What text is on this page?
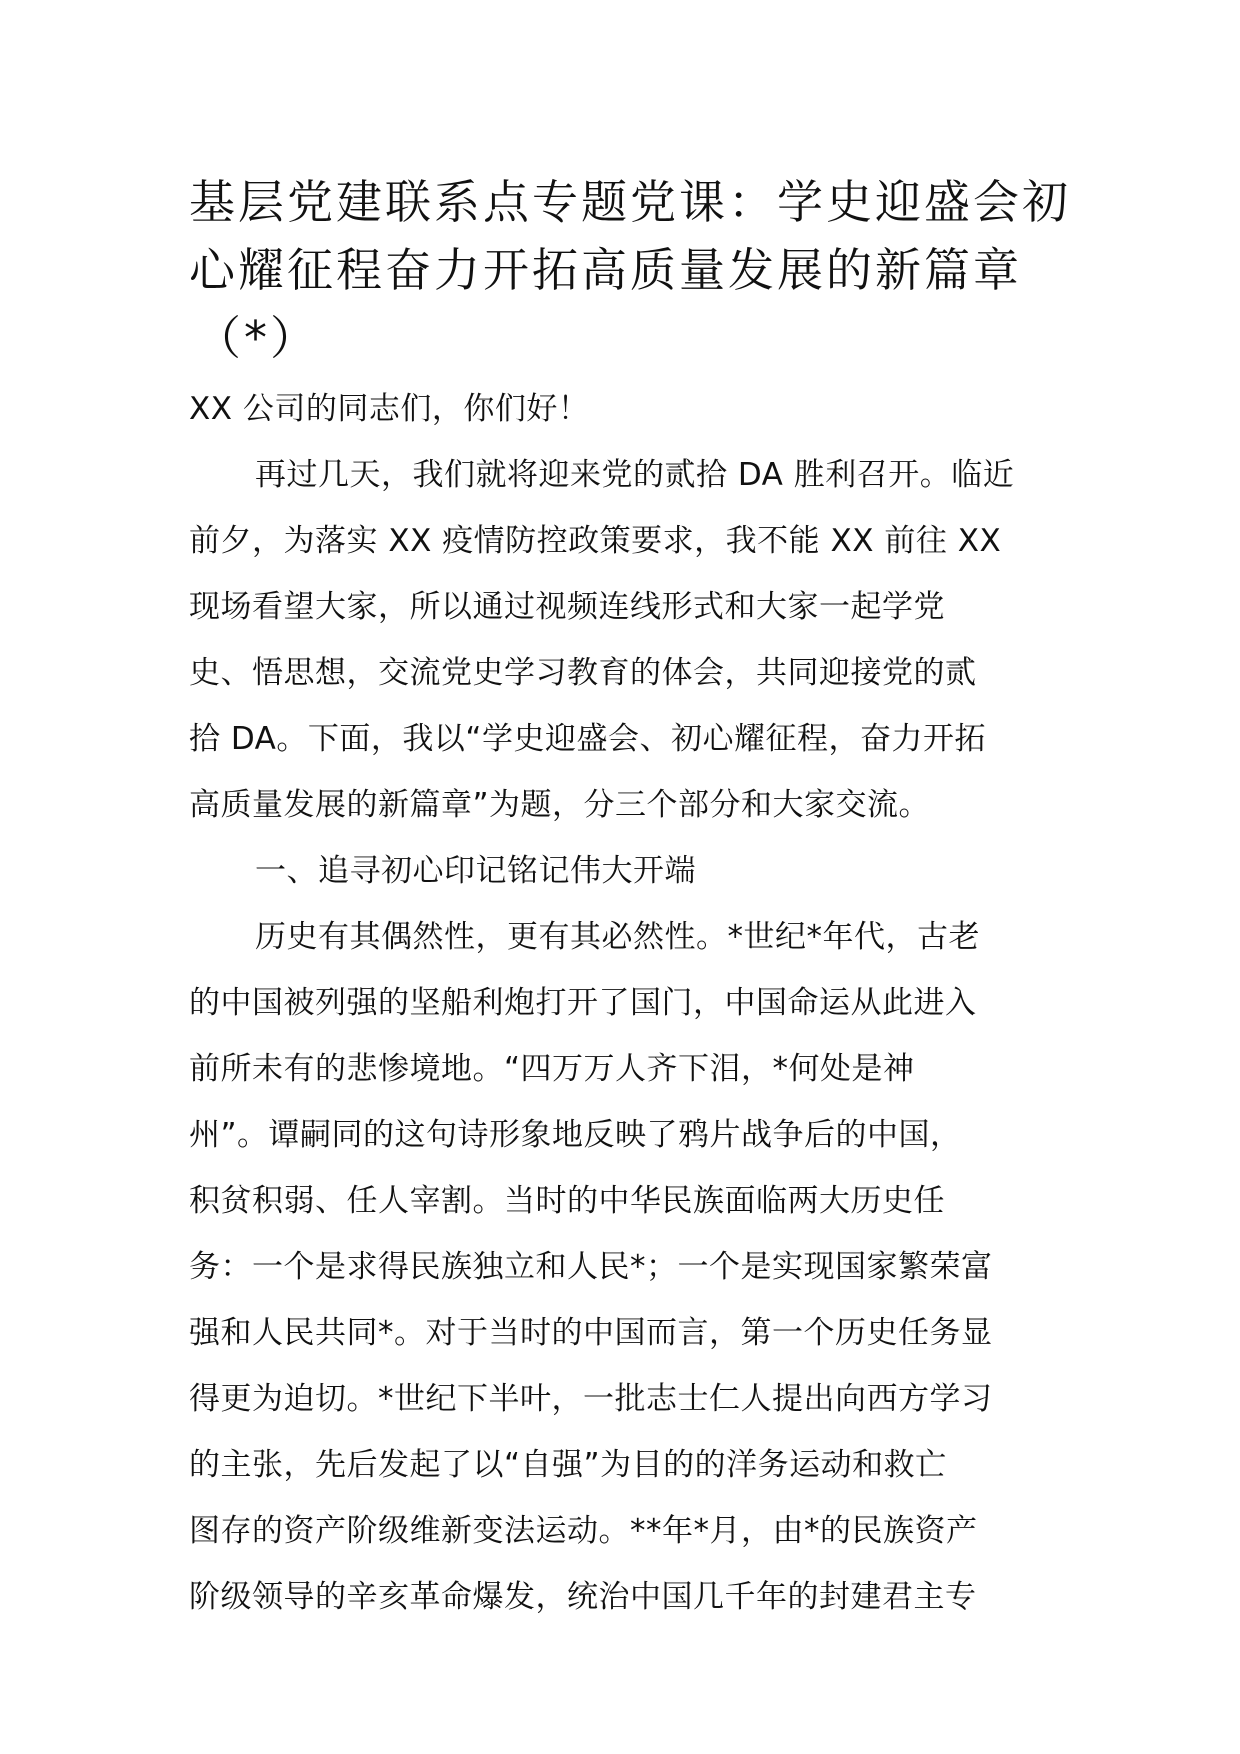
基层党建联系点专题党课：学史迎盛会初
心耀征程奋力开拓高质量发展的新篇章
（*）
XX 公司的同志们，你们好！
再过几天，我们就将迎来党的贰拾 DA 胜利召开。临近
前夕，为落实 XX 疫情防控政策要求，我不能 XX 前往 XX
现场看望大家，所以通过视频连线形式和大家一起学党
史、悟思想，交流党史学习教育的体会，共同迎接党的贰
拾 DA。下面，我以“学史迎盛会、初心耀征程，奋力开拓
高质量发展的新篇章”为题，分三个部分和大家交流。
一、追寻初心印记铭记伟大开端
历史有其偶然性，更有其必然性。*世纪*年代，古老
的中国被列强的坚船利炮打开了国门，中国命运从此进入
前所未有的悲惨境地。“四万万人齐下泪，*何处是神
州”。谭嗣同的这句诗形象地反映了鸦片战争后的中国，
积贫积弱、任人宰割。当时的中华民族面临两大历史任
务：一个是求得民族独立和人民*；一个是实现国家繁荣富
强和人民共同*。对于当时的中国而言，第一个历史任务显
得更为迫切。*世纪下半叶，一批志士仁人提出向西方学习
的主张，先后发起了以“自强”为目的的洋务运动和救亡
图存的资产阶级维新变法运动。**年*月，由*的民族资产
阶级领导的辛亥革命爆发，统治中国几千年的封建君主专
